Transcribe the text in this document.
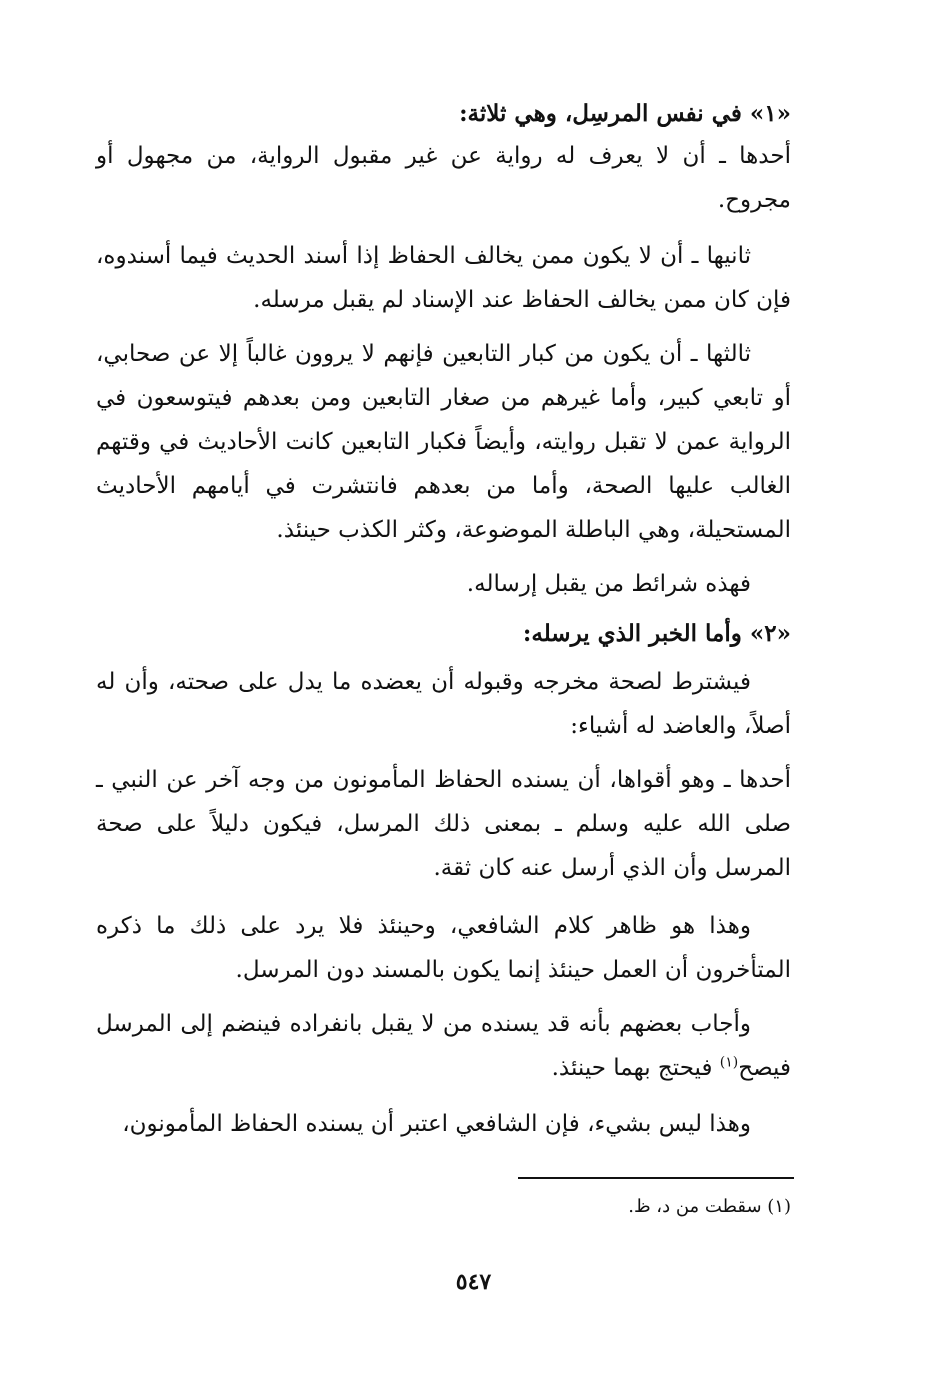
«١» في نفس المرسِل، وهي ثلاثة:

أحدها ـ أن لا يعرف له رواية عن غير مقبول الرواية، من مجهول أو مجروح.

ثانيها ـ أن لا يكون ممن يخالف الحفاظ إذا أسند الحديث فيما أسندوه، فإن كان ممن يخالف الحفاظ عند الإسناد لم يقبل مرسله.

ثالثها ـ أن يكون من كبار التابعين فإنهم لا يروون غالباً إلا عن صحابي، أو تابعي كبير، وأما غيرهم من صغار التابعين ومن بعدهم فيتوسعون في الرواية عمن لا تقبل روايته، وأيضاً فكبار التابعين كانت الأحاديث في وقتهم الغالب عليها الصحة، وأما من بعدهم فانتشرت في أيامهم الأحاديث المستحيلة، وهي الباطلة الموضوعة، وكثر الكذب حينئذ.

فهذه شرائط من يقبل إرساله.

«٢» وأما الخبر الذي يرسله:

فيشترط لصحة مخرجه وقبوله أن يعضده ما يدل على صحته، وأن له أصلاً، والعاضد له أشياء:

أحدها ـ وهو أقواها، أن يسنده الحفاظ المأمونون من وجه آخر عن النبي ـ صلى الله عليه وسلم ـ بمعنى ذلك المرسل، فيكون دليلاً على صحة المرسل وأن الذي أرسل عنه كان ثقة.

وهذا هو ظاهر كلام الشافعي، وحينئذ فلا يرد على ذلك ما ذكره المتأخرون أن العمل حينئذ إنما يكون بالمسند دون المرسل.

وأجاب بعضهم بأنه قد يسنده من لا يقبل بانفراده فينضم إلى المرسل فيصح$^{(١)}$ فيحتج بهما حينئذ.

وهذا ليس بشيء، فإن الشافعي اعتبر أن يسنده الحفاظ المأمونون،

(١) سقطت من د، ظ.
٥٤٧
